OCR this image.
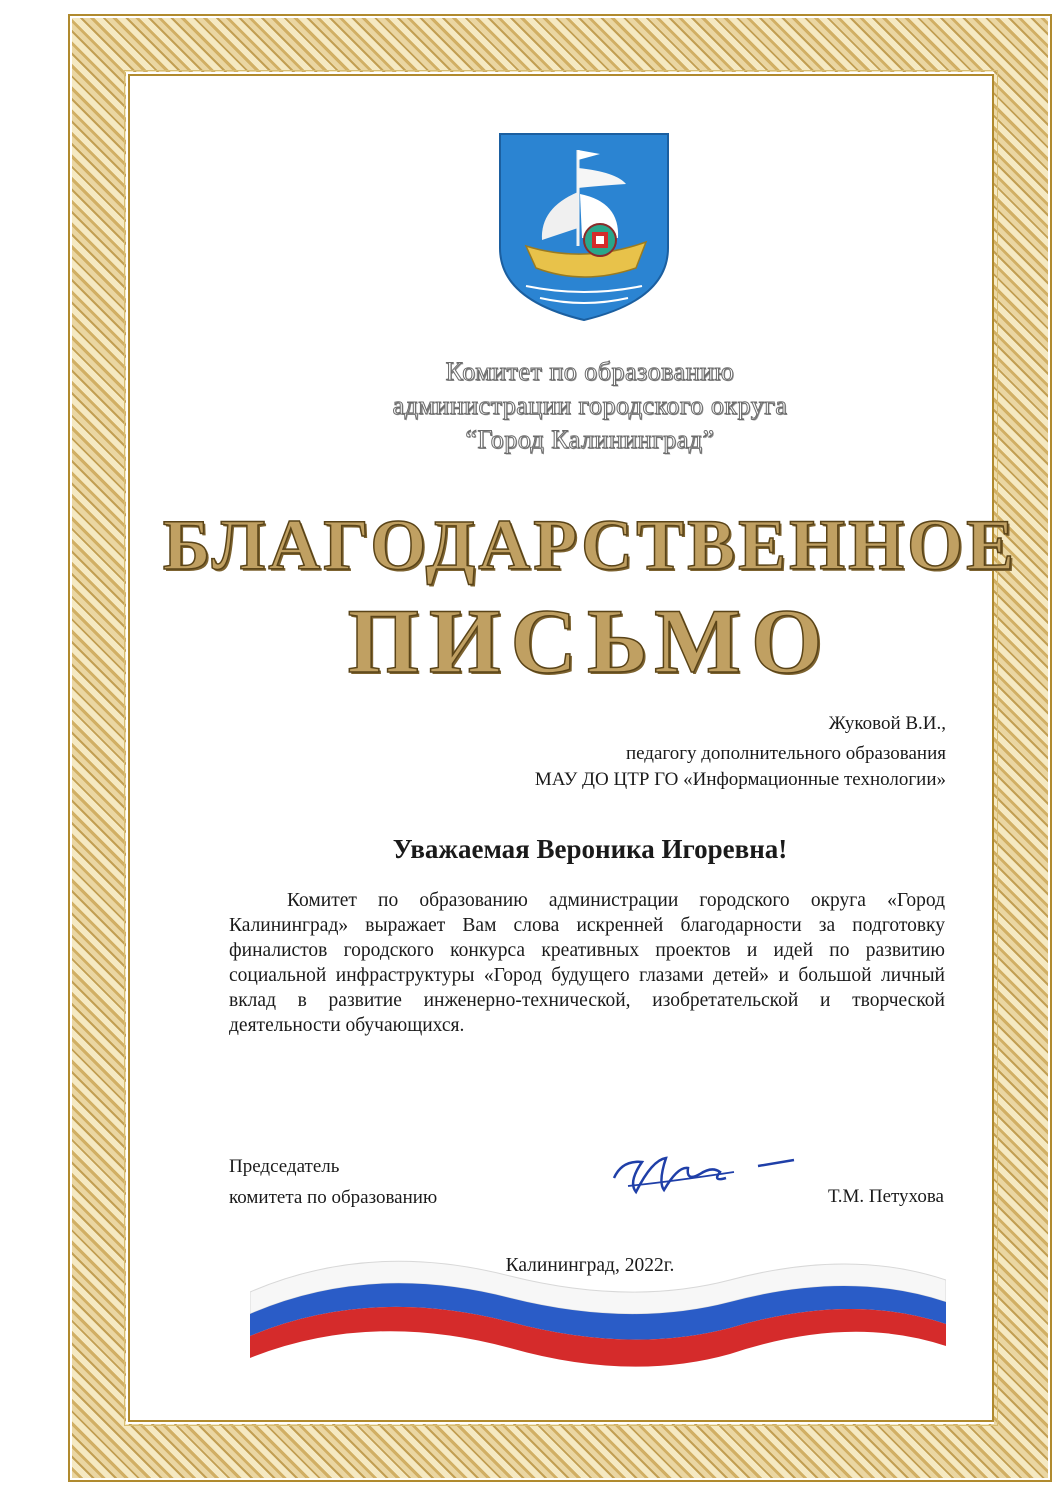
Комитет по образованию
администрации городского округа
“Город Калининград”
БЛАГОДАРСТВЕННОЕ
ПИСЬМО
Жуковой В.И.,
педагогу дополнительного образования
МАУ ДО ЦТР ГО «Информационные технологии»
Уважаемая Вероника Игоревна!
Комитет по образованию администрации городского округа «Город Калининград» выражает Вам слова искренней благодарности за подготовку финалистов городского конкурса креативных проектов и идей по развитию социальной инфраструктуры «Город будущего глазами детей» и большой личный вклад в развитие инженерно-технической, изобретательской и творческой деятельности обучающихся.
Председатель
комитета по образованию	Т.М. Петухова
Калининград, 2022г.
